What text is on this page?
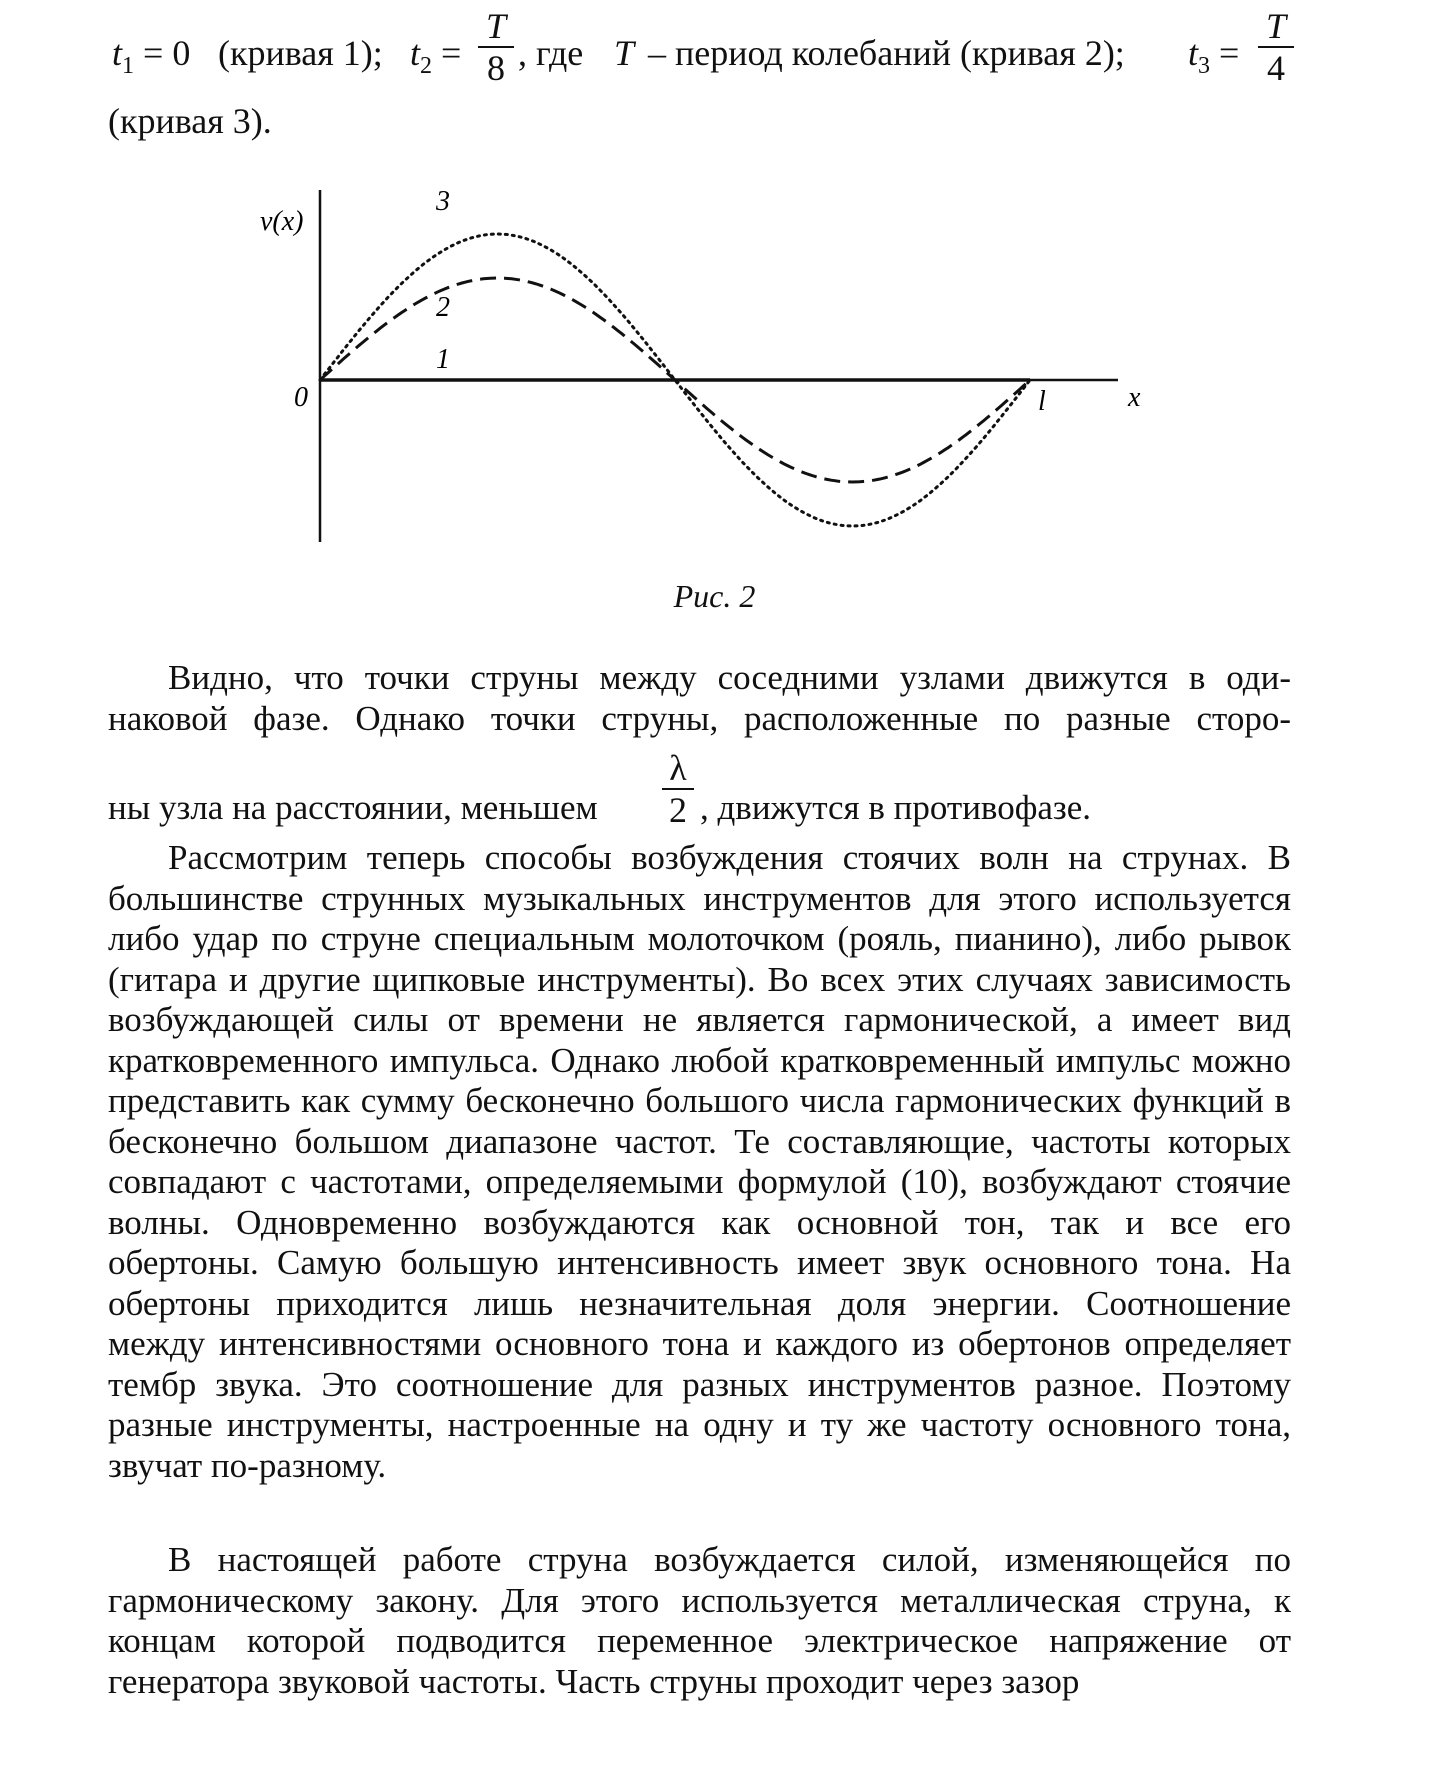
$t_1 = 0$ (кривая 1); $t_2$ =
T
8 , где T – период колебаний (кривая 2); $t_3$ =
T
4
(кривая 3).
v(x)
x
0	l
1
2
3
Рис. 2
Видно, что точки струны между соседними узлами движутся в оди-
наковой фазе. Однако точки струны, расположенные по разные сторо-
ны узла на расстоянии, меньшем
λ
2 , движутся в противофазе.
Рассмотрим теперь способы возбуждения стоячих волн на струнах. В большинстве струнных музыкальных инструментов для этого используется либо удар по струне специальным молоточком (рояль, пианино), либо рывок (гитара и другие щипковые инструменты). Во всех этих случаях зависимость возбуждающей силы от времени не является гармонической, а имеет вид кратковременного импульса. Однако любой кратковременный импульс можно представить как сумму бесконечно большого числа гармонических функций в бесконечно большом диапазоне частот. Те составляющие, частоты которых совпадают с частотами, определяемыми формулой (10), возбуждают стоячие волны. Одновременно возбуждаются как основной тон, так и все его обертоны. Самую большую интенсивность имеет звук основного тона. На обертоны приходится лишь незначительная доля энергии. Соотношение между интенсивностями основного тона и каждого из обертонов определяет тембр звука. Это соотношение для разных инструментов разное. Поэтому разные инструменты, настроенные на одну и ту же частоту основного тона, звучат по-разному.
В настоящей работе струна возбуждается силой, изменяющейся по гармоническому закону. Для этого используется металлическая струна, к концам которой подводится переменное электрическое напряжение от генератора звуковой частоты. Часть струны проходит через зазор
